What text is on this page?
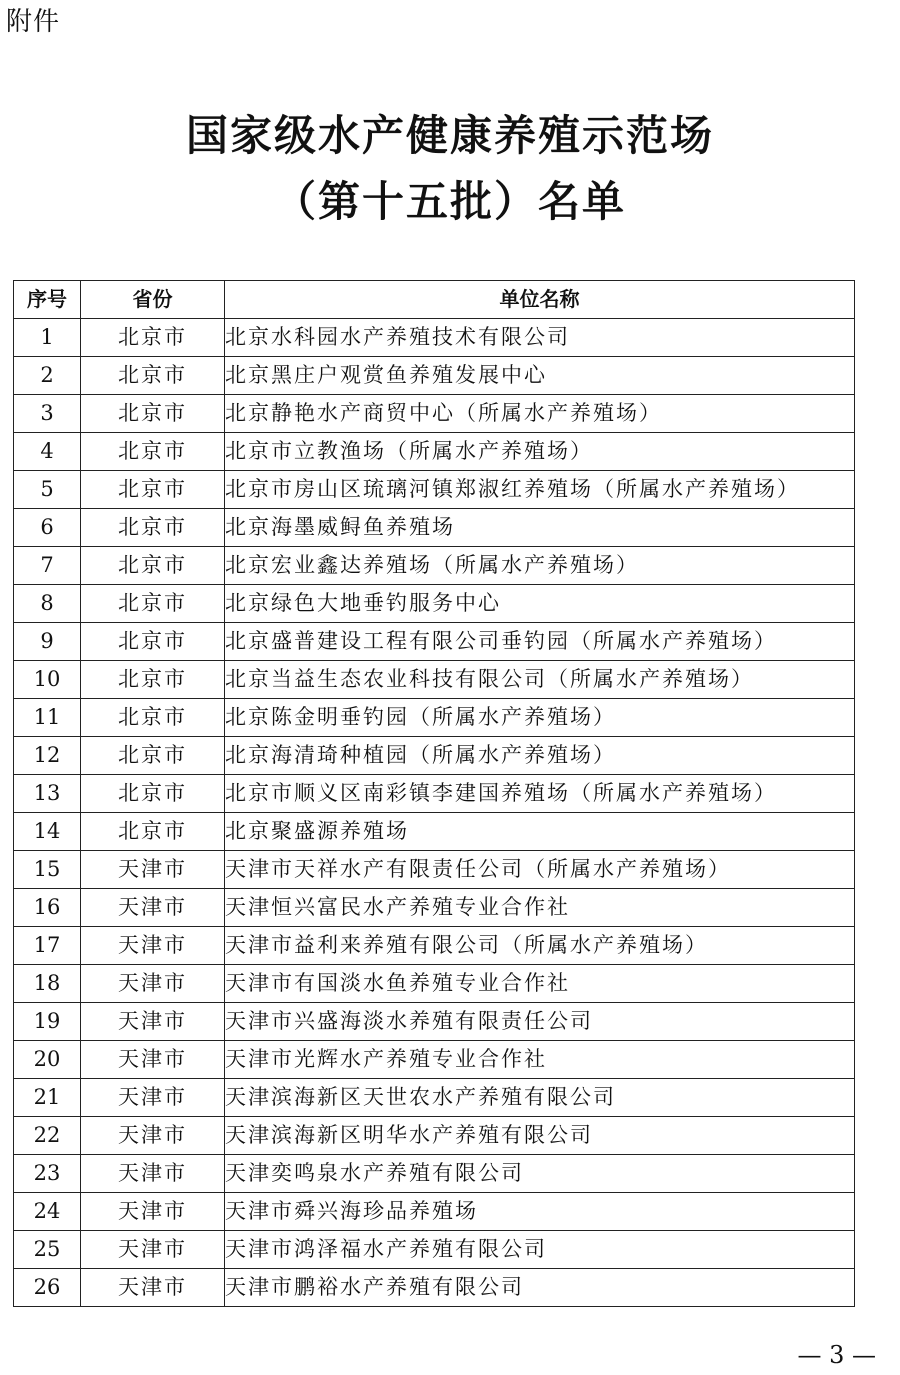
附件
国家级水产健康养殖示范场
（第十五批）名单
序号	省份	单位名称
1	北京市	北京水科园水产养殖技术有限公司
2	北京市	北京黑庄户观赏鱼养殖发展中心
3	北京市	北京静艳水产商贸中心（所属水产养殖场）
4	北京市	北京市立教渔场（所属水产养殖场）
5	北京市	北京市房山区琉璃河镇郑淑红养殖场（所属水产养殖场）
6	北京市	北京海墨威鲟鱼养殖场
7	北京市	北京宏业鑫达养殖场（所属水产养殖场）
8	北京市	北京绿色大地垂钓服务中心
9	北京市	北京盛普建设工程有限公司垂钓园（所属水产养殖场）
10	北京市	北京当益生态农业科技有限公司（所属水产养殖场）
11	北京市	北京陈金明垂钓园（所属水产养殖场）
12	北京市	北京海清琦种植园（所属水产养殖场）
13	北京市	北京市顺义区南彩镇李建国养殖场（所属水产养殖场）
14	北京市	北京聚盛源养殖场
15	天津市	天津市天祥水产有限责任公司（所属水产养殖场）
16	天津市	天津恒兴富民水产养殖专业合作社
17	天津市	天津市益利来养殖有限公司（所属水产养殖场）
18	天津市	天津市有国淡水鱼养殖专业合作社
19	天津市	天津市兴盛海淡水养殖有限责任公司
20	天津市	天津市光辉水产养殖专业合作社
21	天津市	天津滨海新区天世农水产养殖有限公司
22	天津市	天津滨海新区明华水产养殖有限公司
23	天津市	天津奕鸣泉水产养殖有限公司
24	天津市	天津市舜兴海珍品养殖场
25	天津市	天津市鸿泽福水产养殖有限公司
26	天津市	天津市鹏裕水产养殖有限公司
— 3 —
